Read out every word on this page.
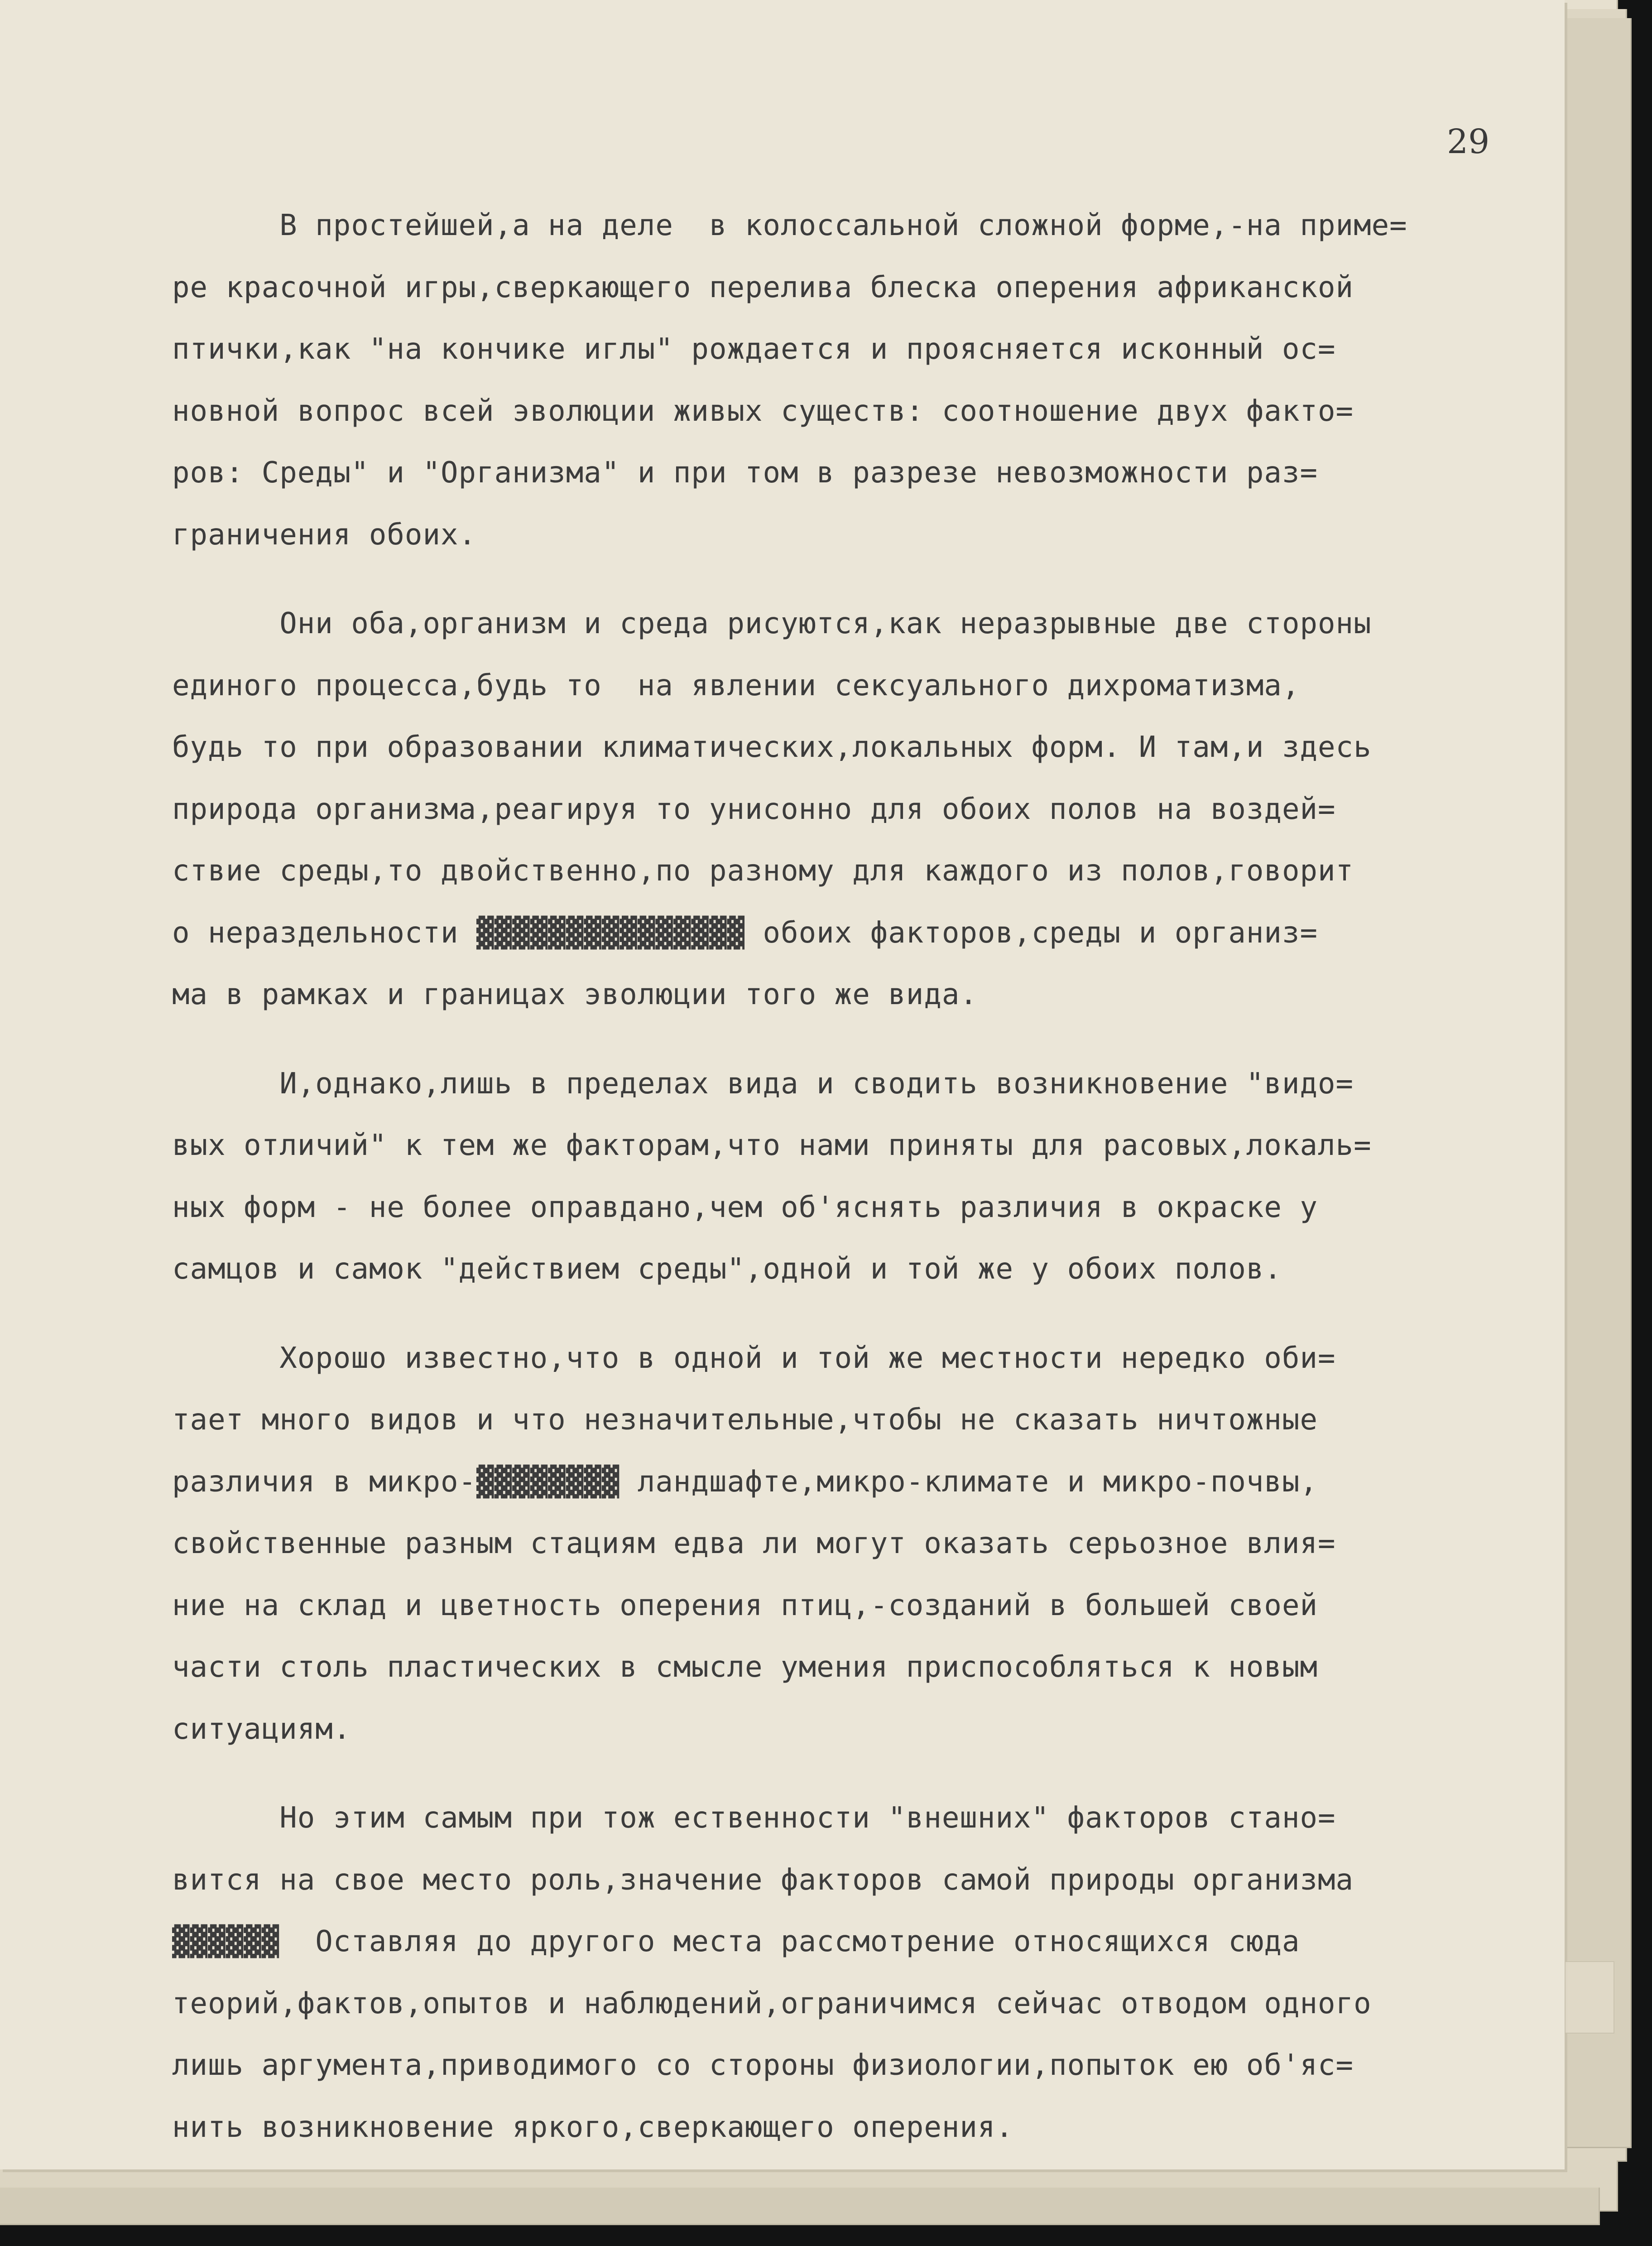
29
В простейшей,а на деле  в колоссальной сложной форме,-на приме=
ре красочной игры,сверкающего перелива блеска оперения африканской
птички,как "на кончике иглы" рождается и проясняется исконный ос=
новной вопрос всей эволюции живых существ: соотношение двух факто=
ров: Среды" и "Организма" и при том в разрезе невозможности раз=
граничения обоих.
Они оба,организм и среда рисуются,как неразрывные две стороны
единого процесса,будь то  на явлении сексуального дихроматизма,
будь то при образовании климатических,локальных форм. И там,и здесь
природа организма,реагируя то унисонно для обоих полов на воздей=
ствие среды,то двойственно,по разному для каждого из полов,говорит
о нераздельности ▓▓▓▓▓▓▓▓▓▓▓▓▓▓▓ обоих факторов,среды и организ=
ма в рамках и границах эволюции того же вида.
И,однако,лишь в пределах вида и сводить возникновение "видо=
вых отличий" к тем же факторам,что нами приняты для расовых,локаль=
ных форм - не более оправдано,чем об'яснять различия в окраске у
самцов и самок "действием среды",одной и той же у обоих полов.
Хорошо известно,что в одной и той же местности нередко оби=
тает много видов и что незначительные,чтобы не сказать ничтожные
различия в микро-▓▓▓▓▓▓▓▓ ландшафте,микро-климате и микро-почвы,
свойственные разным стациям едва ли могут оказать серьозное влия=
ние на склад и цветность оперения птиц,-созданий в большей своей
части столь пластических в смысле умения приспособляться к новым
ситуациям.
Но этим самым при тож ественности "внешних" факторов стано=
вится на свое место роль,значение факторов самой природы организма
▓▓▓▓▓▓  Оставляя до другого места рассмотрение относящихся сюда
теорий,фактов,опытов и наблюдений,ограничимся сейчас отводом одного
лишь аргумента,приводимого со стороны физиологии,попыток ею об'яс=
нить возникновение яркого,сверкающего оперения.
